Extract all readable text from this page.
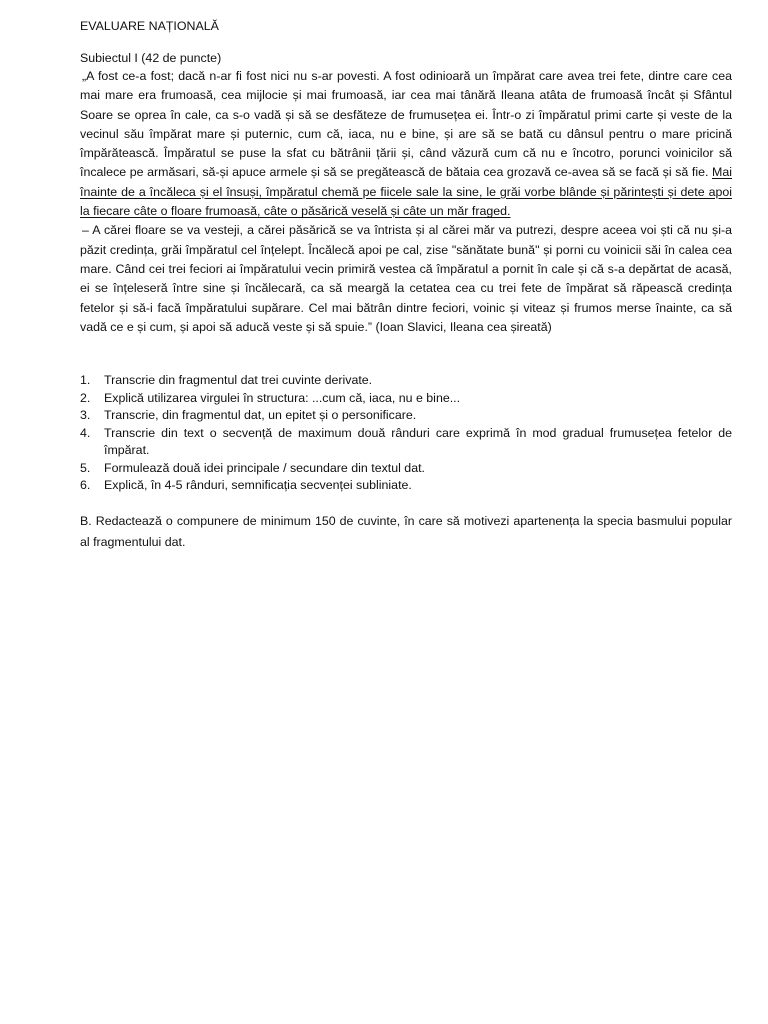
EVALUARE NAȚIONALĂ
Subiectul I (42 de puncte)

„A fost ce-a fost; dacă n-ar fi fost nici nu s-ar povesti. A fost odinioară un împărat care avea trei fete, dintre care cea mai mare era frumoasă, cea mijlocie și mai frumoasă, iar cea mai tânără Ileana atâta de frumoasă încât și Sfântul Soare se oprea în cale, ca s-o vadă și să se desfăteze de frumusețea ei. Într-o zi împăratul primi carte și veste de la vecinul său împărat mare și puternic, cum că, iaca, nu e bine, și are să se bată cu dânsul pentru o mare pricină împărătească. Împăratul se puse la sfat cu bătrânii țării și, când văzură cum că nu e încotro, porunci voinicilor să încalece pe armăsari, să-și apuce armele și să se pregătească de bătaia cea grozavă ce-avea să se facă și să fie. Mai înainte de a încăleca și el însuși, împăratul chemă pe fiicele sale la sine, le grăi vorbe blânde și părintești și dete apoi la fiecare câte o floare frumoasă, câte o păsărică veselă și câte un măr fraged.

– A cărei floare se va vesteji, a cărei păsărică se va întrista și al cărei măr va putrezi, despre aceea voi ști că nu și-a păzit credința, grăi împăratul cel înțelept. Încălecă apoi pe cal, zise "sănătate bună" și porni cu voinicii săi în calea cea mare. Când cei trei feciori ai împăratului vecin primiră vestea că împăratul a pornit în cale și că s-a depărtat de acasă, ei se înțeleseră între sine și încălecară, ca să meargă la cetatea cea cu trei fete de împărat să răpească credința fetelor și să-i facă împăratului supărare. Cel mai bătrân dintre feciori, voinic și viteaz și frumos merse înainte, ca să vadă ce e și cum, și apoi să aducă veste și să spuie.” (Ioan Slavici, Ileana cea șireată)

1. Transcrie din fragmentul dat trei cuvinte derivate.
2. Explică utilizarea virgulei în structura: ...cum că, iaca, nu e bine...
3. Transcrie, din fragmentul dat, un epitet și o personificare.
4. Transcrie din text o secvență de maximum două rânduri care exprimă în mod gradual frumusețea fetelor de împărat.
5. Formulează două idei principale / secundare din textul dat.
6. Explică, în 4-5 rânduri, semnificația secvenței subliniate.
B. Redactează o compunere de minimum 150 de cuvinte, în care să motivezi apartenența la specia basmului popular al fragmentului dat.
